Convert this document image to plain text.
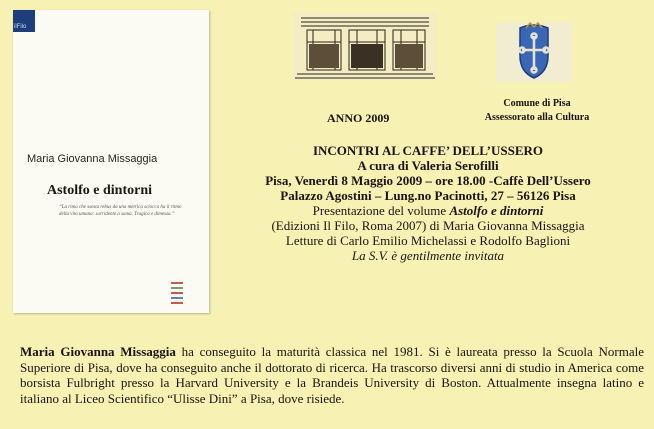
ilFilo
Maria Giovanna Missaggia
Astolfo e dintorni
“La rima che ssesta rebus da una metrica sciocca ha il ritmo della vita umana: sorridente a sama. Tragica e dimessa.”
Comune di Pisa
Assessorato alla Cultura
ANNO 2009
INCONTRI AL CAFFE’ DELL’USSERO
A cura di Valeria Serofilli
Pisa, Venerdì 8 Maggio 2009 – ore 18.00 -Caffè Dell’Ussero
Palazzo Agostini – Lung.no Pacinotti, 27 – 56126 Pisa
Presentazione del volume Astolfo e dintorni
(Edizioni Il Filo, Roma 2007) di Maria Giovanna Missaggia
Letture di Carlo Emilio Michelassi e Rodolfo Baglioni
La S.V. è gentilmente invitata
Maria Giovanna Missaggia ha conseguito la maturità classica nel 1981. Si è laureata presso la Scuola Normale Superiore di Pisa, dove ha conseguito anche il dottorato di ricerca. Ha trascorso diversi anni di studio in America come borsista Fulbright presso la Harvard University e la Brandeis University di Boston. Attualmente insegna latino e italiano al Liceo Scientifico “Ulisse Dini” a Pisa, dove risiede.
